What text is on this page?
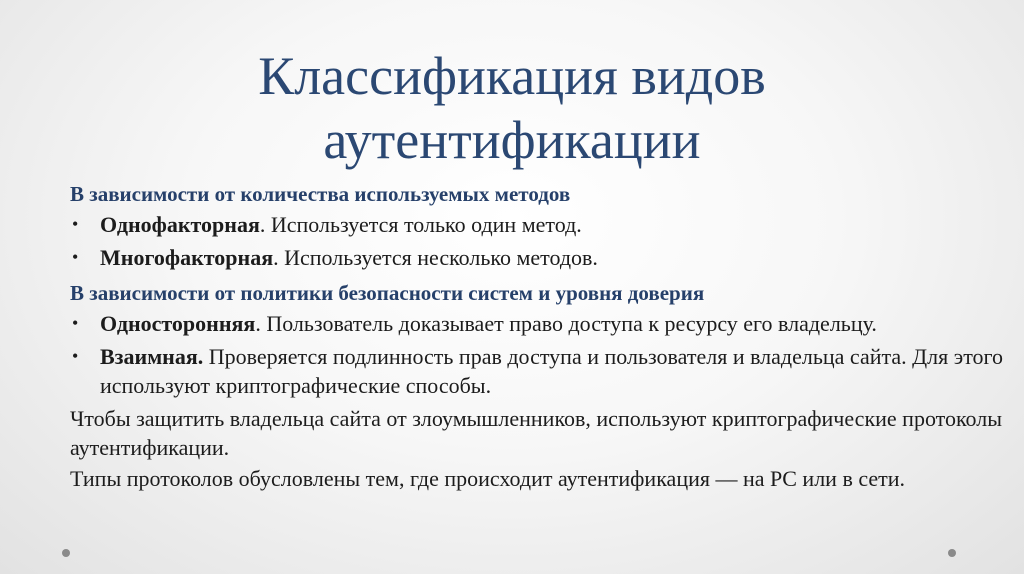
Классификация видов
аутентификации
В зависимости от количества используемых методов
• Однофакторная. Используется только один метод.
• Многофакторная. Используется несколько методов.
В зависимости от политики безопасности систем и уровня доверия
• Односторонняя. Пользователь доказывает право доступа к ресурсу его владельцу.
• Взаимная. Проверяется подлинность прав доступа и пользователя и владельца сайта. Для этого используют криптографические способы.
Чтобы защитить владельца сайта от злоумышленников, используют криптографические протоколы аутентификации.
Типы протоколов обусловлены тем, где происходит аутентификация — на PC или в сети.
